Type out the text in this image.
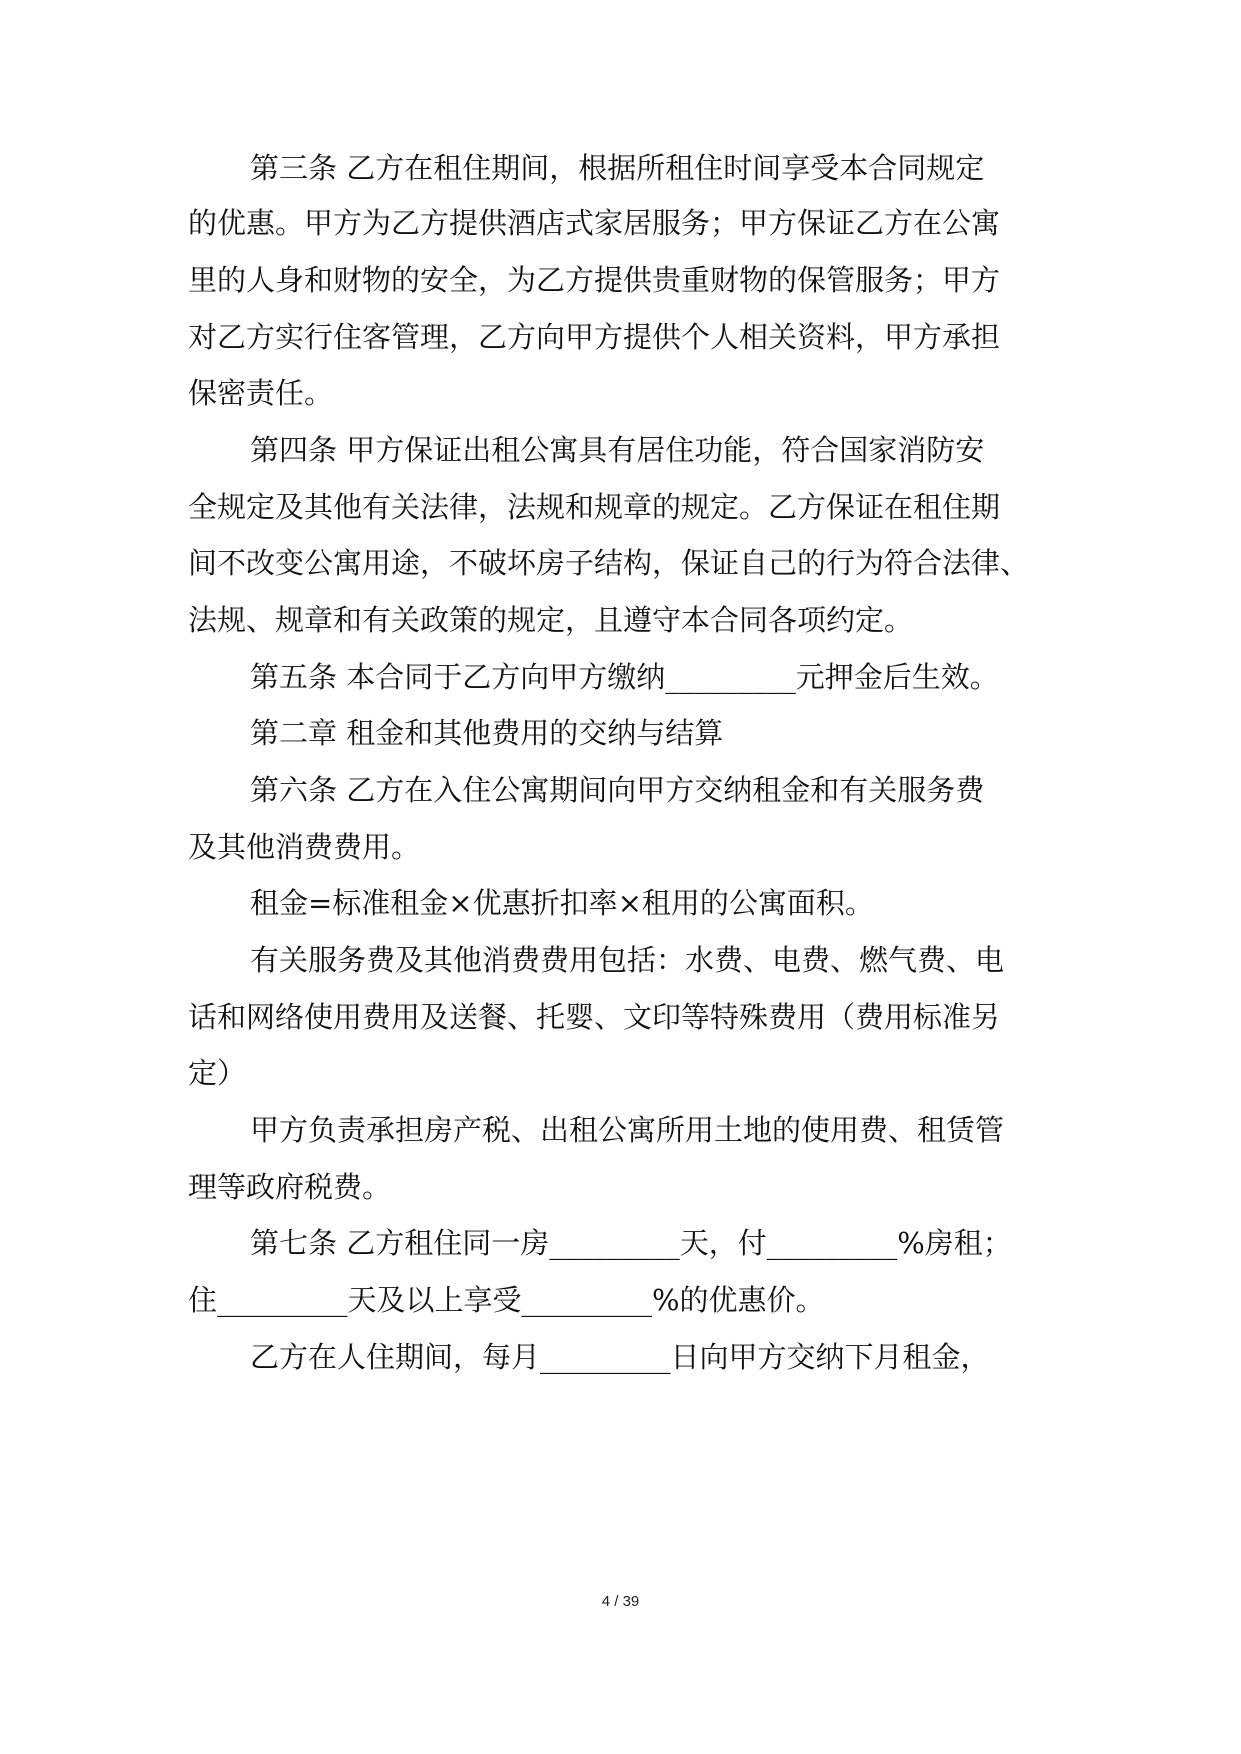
第三条 乙方在租住期间，根据所租住时间享受本合同规定
的优惠。甲方为乙方提供酒店式家居服务；甲方保证乙方在公寓
里的人身和财物的安全，为乙方提供贵重财物的保管服务；甲方
对乙方实行住客管理，乙方向甲方提供个人相关资料，甲方承担
保密责任。
第四条 甲方保证出租公寓具有居住功能，符合国家消防安
全规定及其他有关法律，法规和规章的规定。乙方保证在租住期
间不改变公寓用途，不破坏房子结构，保证自己的行为符合法律、
法规、规章和有关政策的规定，且遵守本合同各项约定。
第五条 本合同于乙方向甲方缴纳_________元押金后生效。
第二章 租金和其他费用的交纳与结算
第六条 乙方在入住公寓期间向甲方交纳租金和有关服务费
及其他消费费用。
租金=标准租金×优惠折扣率×租用的公寓面积。
有关服务费及其他消费费用包括：水费、电费、燃气费、电
话和网络使用费用及送餐、托婴、文印等特殊费用（费用标准另
定）
甲方负责承担房产税、出租公寓所用土地的使用费、租赁管
理等政府税费。
第七条 乙方租住同一房_________天，付_________%房租；
住_________天及以上享受_________%的优惠价。
乙方在人住期间，每月_________日向甲方交纳下月租金，
4 / 39
